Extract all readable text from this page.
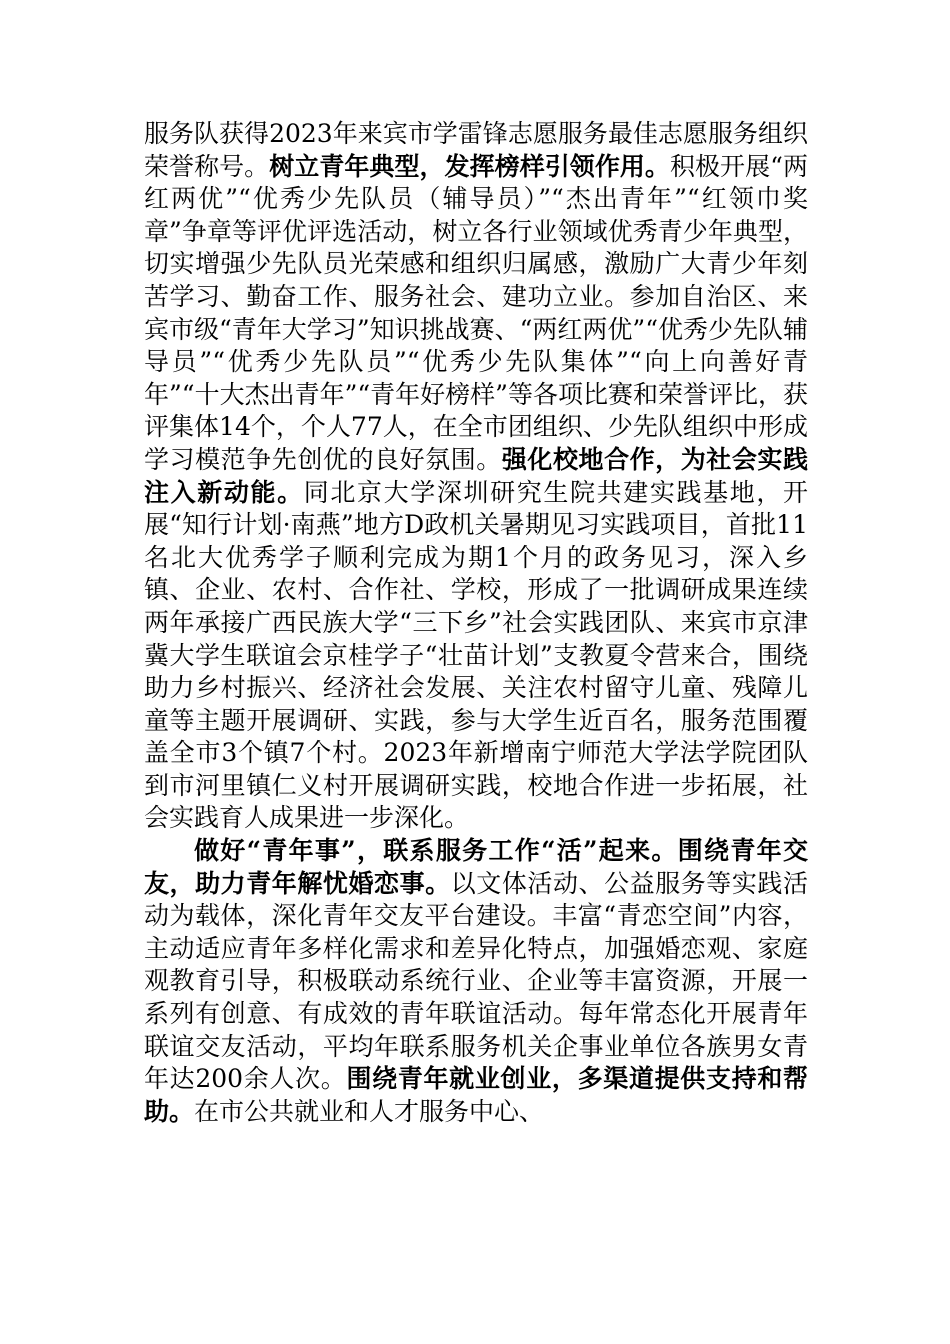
服务队获得2023年来宾市学雷锋志愿服务最佳志愿服务组织荣誉称号。树立青年典型，发挥榜样引领作用。积极开展“两红两优”“优秀少先队员（辅导员）”“杰出青年”“红领巾奖章”争章等评优评选活动，树立各行业领域优秀青少年典型，切实增强少先队员光荣感和组织归属感，激励广大青少年刻苦学习、勤奋工作、服务社会、建功立业。参加自治区、来宾市级“青年大学习”知识挑战赛、“两红两优”“优秀少先队辅导员”“优秀少先队员”“优秀少先队集体”“向上向善好青年”“十大杰出青年”“青年好榜样”等各项比赛和荣誉评比，获评集体14个，个人77人，在全市团组织、少先队组织中形成学习模范争先创优的良好氛围。强化校地合作，为社会实践注入新动能。同北京大学深圳研究生院共建实践基地，开展“知行计划·南燕”地方D政机关暑期见习实践项目，首批11名北大优秀学子顺利完成为期1个月的政务见习，深入乡镇、企业、农村、合作社、学校，形成了一批调研成果连续两年承接广西民族大学“三下乡”社会实践团队、来宾市京津冀大学生联谊会京桂学子“壮苗计划”支教夏令营来合，围绕助力乡村振兴、经济社会发展、关注农村留守儿童、残障儿童等主题开展调研、实践，参与大学生近百名，服务范围覆盖全市3个镇7个村。2023年新增南宁师范大学法学院团队到市河里镇仁义村开展调研实践，校地合作进一步拓展，社会实践育人成果进一步深化。

做好“青年事”，联系服务工作“活”起来。围绕青年交友，助力青年解忧婚恋事。以文体活动、公益服务等实践活动为载体，深化青年交友平台建设。丰富“青恋空间”内容，主动适应青年多样化需求和差异化特点，加强婚恋观、家庭观教育引导，积极联动系统行业、企业等丰富资源，开展一系列有创意、有成效的青年联谊活动。每年常态化开展青年联谊交友活动，平均年联系服务机关企事业单位各族男女青年达200余人次。围绕青年就业创业，多渠道提供支持和帮助。在市公共就业和人才服务中心、
